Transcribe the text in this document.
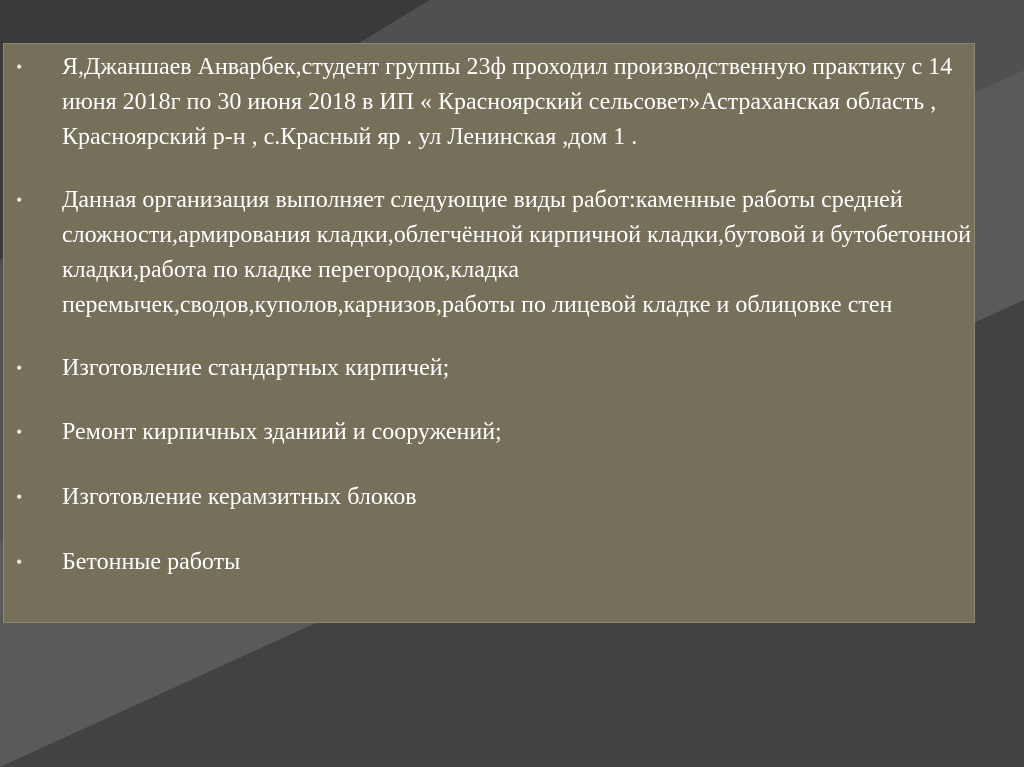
• Я,Джаншаев Анварбек,студент группы 23ф проходил производственную практику с 14 июня 2018г по 30 июня 2018 в ИП « Красноярский сельсовет»Астраханская область , Красноярский р-н , с.Красный яр . ул Ленинская ,дом 1 .
• Данная организация выполняет следующие виды работ:каменные работы средней сложности,армирования кладки,облегчённой кирпичной кладки,бутовой и бутобетонной кладки,работа по кладке перегородок,кладка перемычек,сводов,куполов,карнизов,работы по лицевой кладке и облицовке стен
• Изготовление стандартных кирпичей;
• Ремонт кирпичных зданиий и сооружений;
• Изготовление керамзитных блоков
• Бетонные работы
